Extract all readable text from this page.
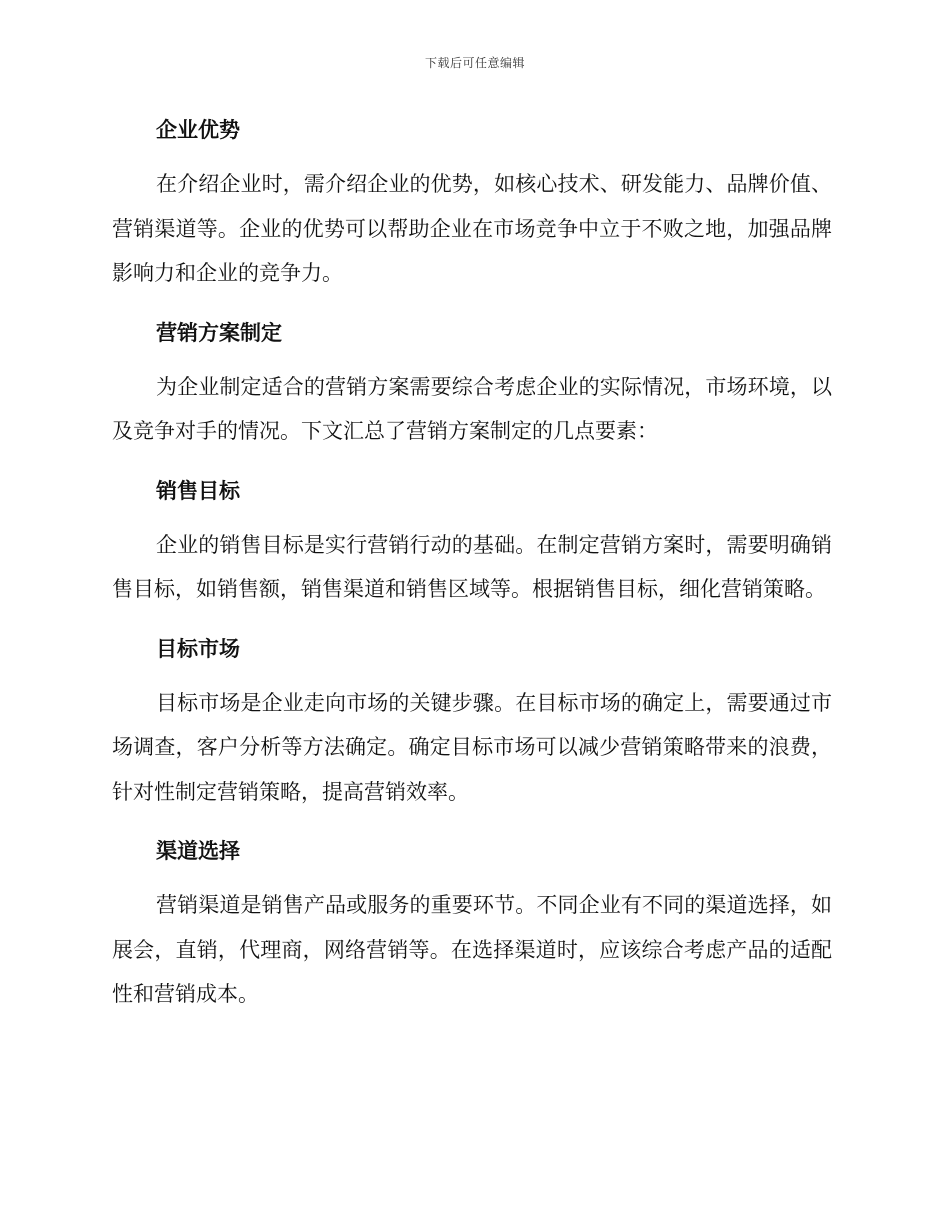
下载后可任意编辑
企业优势

在介绍企业时，需介绍企业的优势，如核心技术、研发能力、品牌价值、营销渠道等。企业的优势可以帮助企业在市场竞争中立于不败之地，加强品牌影响力和企业的竞争力。

营销方案制定

为企业制定适合的营销方案需要综合考虑企业的实际情况，市场环境，以及竞争对手的情况。下文汇总了营销方案制定的几点要素：

销售目标

企业的销售目标是实行营销行动的基础。在制定营销方案时，需要明确销售目标，如销售额，销售渠道和销售区域等。根据销售目标，细化营销策略。

目标市场

目标市场是企业走向市场的关键步骤。在目标市场的确定上，需要通过市场调查，客户分析等方法确定。确定目标市场可以减少营销策略带来的浪费，针对性制定营销策略，提高营销效率。

渠道选择

营销渠道是销售产品或服务的重要环节。不同企业有不同的渠道选择，如展会，直销，代理商，网络营销等。在选择渠道时，应该综合考虑产品的适配性和营销成本。
